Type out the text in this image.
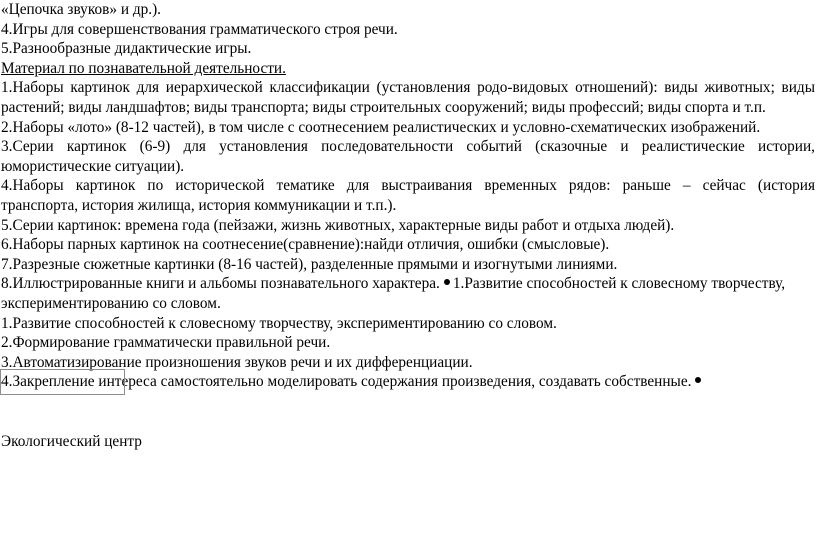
«Цепочка звуков» и др.).
4.Игры для совершенствования грамматического строя речи.
5.Разнообразные дидактические игры.
Материал по познавательной деятельности.
1.Наборы картинок для иерархической классификации (установления родо-видовых отношений): виды животных; виды
растений; виды ландшафтов; виды транспорта; виды строительных сооружений; виды профессий; виды спорта и т.п.
2.Наборы «лото» (8-12 частей), в том числе с соотнесением реалистических и условно-схематических изображений.
3.Серии картинок (6-9) для установления последовательности событий (сказочные и реалистические истории,
юмористические ситуации).
4.Наборы картинок по исторической тематике для выстраивания временных рядов: раньше – сейчас (история
транспорта, история жилища, история коммуникации и т.п.).
5.Серии картинок: времена года (пейзажи, жизнь животных, характерные виды работ и отдыха людей).
6.Наборы парных картинок на соотнесение(сравнение):найди отличия, ошибки (смысловые).
7.Разрезные сюжетные картинки (8-16 частей), разделенные прямыми и изогнутыми линиями.
8.Иллюстрированные книги и альбомы познавательного характера. 1.Развитие способностей к словесному творчеству,
экспериментированию со словом.
1.Развитие способностей к словесному творчеству, экспериментированию со словом.
2.Формирование грамматически правильной речи.
3.Автоматизирование произношения звуков речи и их дифференциации.
4.Закрепление интереса самостоятельно моделировать содержания произведения, создавать собственные.
Экологический центр
